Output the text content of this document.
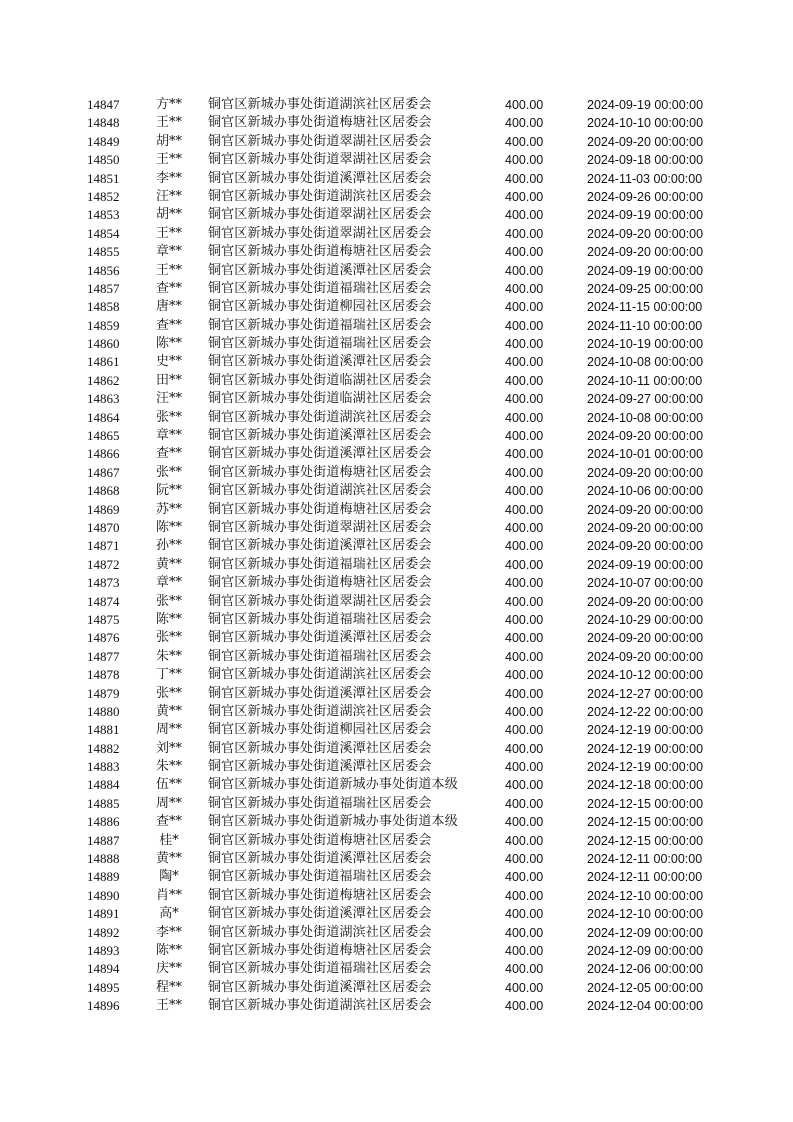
14847	方**	铜官区新城办事处街道湖滨社区居委会	400.00	2024-09-19 00:00:00
14848	王**	铜官区新城办事处街道梅塘社区居委会	400.00	2024-10-10 00:00:00
14849	胡**	铜官区新城办事处街道翠湖社区居委会	400.00	2024-09-20 00:00:00
14850	王**	铜官区新城办事处街道翠湖社区居委会	400.00	2024-09-18 00:00:00
14851	李**	铜官区新城办事处街道溪潭社区居委会	400.00	2024-11-03 00:00:00
14852	汪**	铜官区新城办事处街道湖滨社区居委会	400.00	2024-09-26 00:00:00
14853	胡**	铜官区新城办事处街道翠湖社区居委会	400.00	2024-09-19 00:00:00
14854	王**	铜官区新城办事处街道翠湖社区居委会	400.00	2024-09-20 00:00:00
14855	章**	铜官区新城办事处街道梅塘社区居委会	400.00	2024-09-20 00:00:00
14856	王**	铜官区新城办事处街道溪潭社区居委会	400.00	2024-09-19 00:00:00
14857	查**	铜官区新城办事处街道福瑞社区居委会	400.00	2024-09-25 00:00:00
14858	唐**	铜官区新城办事处街道柳园社区居委会	400.00	2024-11-15 00:00:00
14859	查**	铜官区新城办事处街道福瑞社区居委会	400.00	2024-11-10 00:00:00
14860	陈**	铜官区新城办事处街道福瑞社区居委会	400.00	2024-10-19 00:00:00
14861	史**	铜官区新城办事处街道溪潭社区居委会	400.00	2024-10-08 00:00:00
14862	田**	铜官区新城办事处街道临湖社区居委会	400.00	2024-10-11 00:00:00
14863	汪**	铜官区新城办事处街道临湖社区居委会	400.00	2024-09-27 00:00:00
14864	张**	铜官区新城办事处街道湖滨社区居委会	400.00	2024-10-08 00:00:00
14865	章**	铜官区新城办事处街道溪潭社区居委会	400.00	2024-09-20 00:00:00
14866	查**	铜官区新城办事处街道溪潭社区居委会	400.00	2024-10-01 00:00:00
14867	张**	铜官区新城办事处街道梅塘社区居委会	400.00	2024-09-20 00:00:00
14868	阮**	铜官区新城办事处街道湖滨社区居委会	400.00	2024-10-06 00:00:00
14869	苏**	铜官区新城办事处街道梅塘社区居委会	400.00	2024-09-20 00:00:00
14870	陈**	铜官区新城办事处街道翠湖社区居委会	400.00	2024-09-20 00:00:00
14871	孙**	铜官区新城办事处街道溪潭社区居委会	400.00	2024-09-20 00:00:00
14872	黄**	铜官区新城办事处街道福瑞社区居委会	400.00	2024-09-19 00:00:00
14873	章**	铜官区新城办事处街道梅塘社区居委会	400.00	2024-10-07 00:00:00
14874	张**	铜官区新城办事处街道翠湖社区居委会	400.00	2024-09-20 00:00:00
14875	陈**	铜官区新城办事处街道福瑞社区居委会	400.00	2024-10-29 00:00:00
14876	张**	铜官区新城办事处街道溪潭社区居委会	400.00	2024-09-20 00:00:00
14877	朱**	铜官区新城办事处街道福瑞社区居委会	400.00	2024-09-20 00:00:00
14878	丁**	铜官区新城办事处街道湖滨社区居委会	400.00	2024-10-12 00:00:00
14879	张**	铜官区新城办事处街道溪潭社区居委会	400.00	2024-12-27 00:00:00
14880	黄**	铜官区新城办事处街道湖滨社区居委会	400.00	2024-12-22 00:00:00
14881	周**	铜官区新城办事处街道柳园社区居委会	400.00	2024-12-19 00:00:00
14882	刘**	铜官区新城办事处街道溪潭社区居委会	400.00	2024-12-19 00:00:00
14883	朱**	铜官区新城办事处街道溪潭社区居委会	400.00	2024-12-19 00:00:00
14884	伍**	铜官区新城办事处街道新城办事处街道本级	400.00	2024-12-18 00:00:00
14885	周**	铜官区新城办事处街道福瑞社区居委会	400.00	2024-12-15 00:00:00
14886	查**	铜官区新城办事处街道新城办事处街道本级	400.00	2024-12-15 00:00:00
14887	桂*	铜官区新城办事处街道梅塘社区居委会	400.00	2024-12-15 00:00:00
14888	黄**	铜官区新城办事处街道溪潭社区居委会	400.00	2024-12-11 00:00:00
14889	陶*	铜官区新城办事处街道福瑞社区居委会	400.00	2024-12-11 00:00:00
14890	肖**	铜官区新城办事处街道梅塘社区居委会	400.00	2024-12-10 00:00:00
14891	高*	铜官区新城办事处街道溪潭社区居委会	400.00	2024-12-10 00:00:00
14892	李**	铜官区新城办事处街道湖滨社区居委会	400.00	2024-12-09 00:00:00
14893	陈**	铜官区新城办事处街道梅塘社区居委会	400.00	2024-12-09 00:00:00
14894	庆**	铜官区新城办事处街道福瑞社区居委会	400.00	2024-12-06 00:00:00
14895	程**	铜官区新城办事处街道溪潭社区居委会	400.00	2024-12-05 00:00:00
14896	王**	铜官区新城办事处街道湖滨社区居委会	400.00	2024-12-04 00:00:00
